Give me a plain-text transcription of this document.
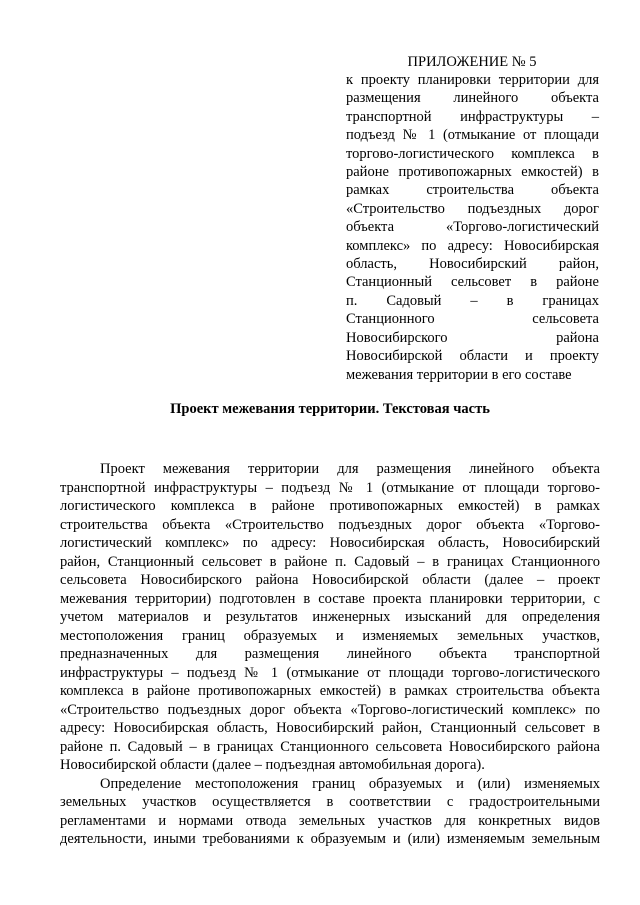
ПРИЛОЖЕНИЕ № 5

к проекту планировки территории для
размещения линейного объекта
транспортной инфраструктуры –
подъезд № 1 (отмыкание от площади
торгово-логистического комплекса в
районе противопожарных емкостей) в
рамках строительства объекта
«Строительство подъездных дорог
объекта «Торгово-логистический
комплекс» по адресу: Новосибирская
область, Новосибирский район,
Станционный сельсовет в районе
п. Садовый – в границах
Станционного сельсовета
Новосибирского района
Новосибирской области и проекту
межевания территории в его составе

Проект межевания территории. Текстовая часть

Проект межевания территории для размещения линейного объекта
транспортной инфраструктуры – подъезд № 1 (отмыкание от площади торгово-
логистического комплекса в районе противопожарных емкостей) в рамках
строительства объекта «Строительство подъездных дорог объекта «Торгово-
логистический комплекс» по адресу: Новосибирская область, Новосибирский
район, Станционный сельсовет в районе п. Садовый – в границах Станционного
сельсовета Новосибирского района Новосибирской области (далее – проект
межевания территории) подготовлен в составе проекта планировки территории, с
учетом материалов и результатов инженерных изысканий для определения
местоположения границ образуемых и изменяемых земельных участков,
предназначенных для размещения линейного объекта транспортной
инфраструктуры – подъезд № 1 (отмыкание от площади торгово-логистического
комплекса в районе противопожарных емкостей) в рамках строительства объекта
«Строительство подъездных дорог объекта «Торгово-логистический комплекс» по
адресу: Новосибирская область, Новосибирский район, Станционный сельсовет в
районе п. Садовый – в границах Станционного сельсовета Новосибирского района
Новосибирской области (далее – подъездная автомобильная дорога).
Определение местоположения границ образуемых и (или) изменяемых
земельных участков осуществляется в соответствии с градостроительными
регламентами и нормами отвода земельных участков для конкретных видов
деятельности, иными требованиями к образуемым и (или) изменяемым земельным
